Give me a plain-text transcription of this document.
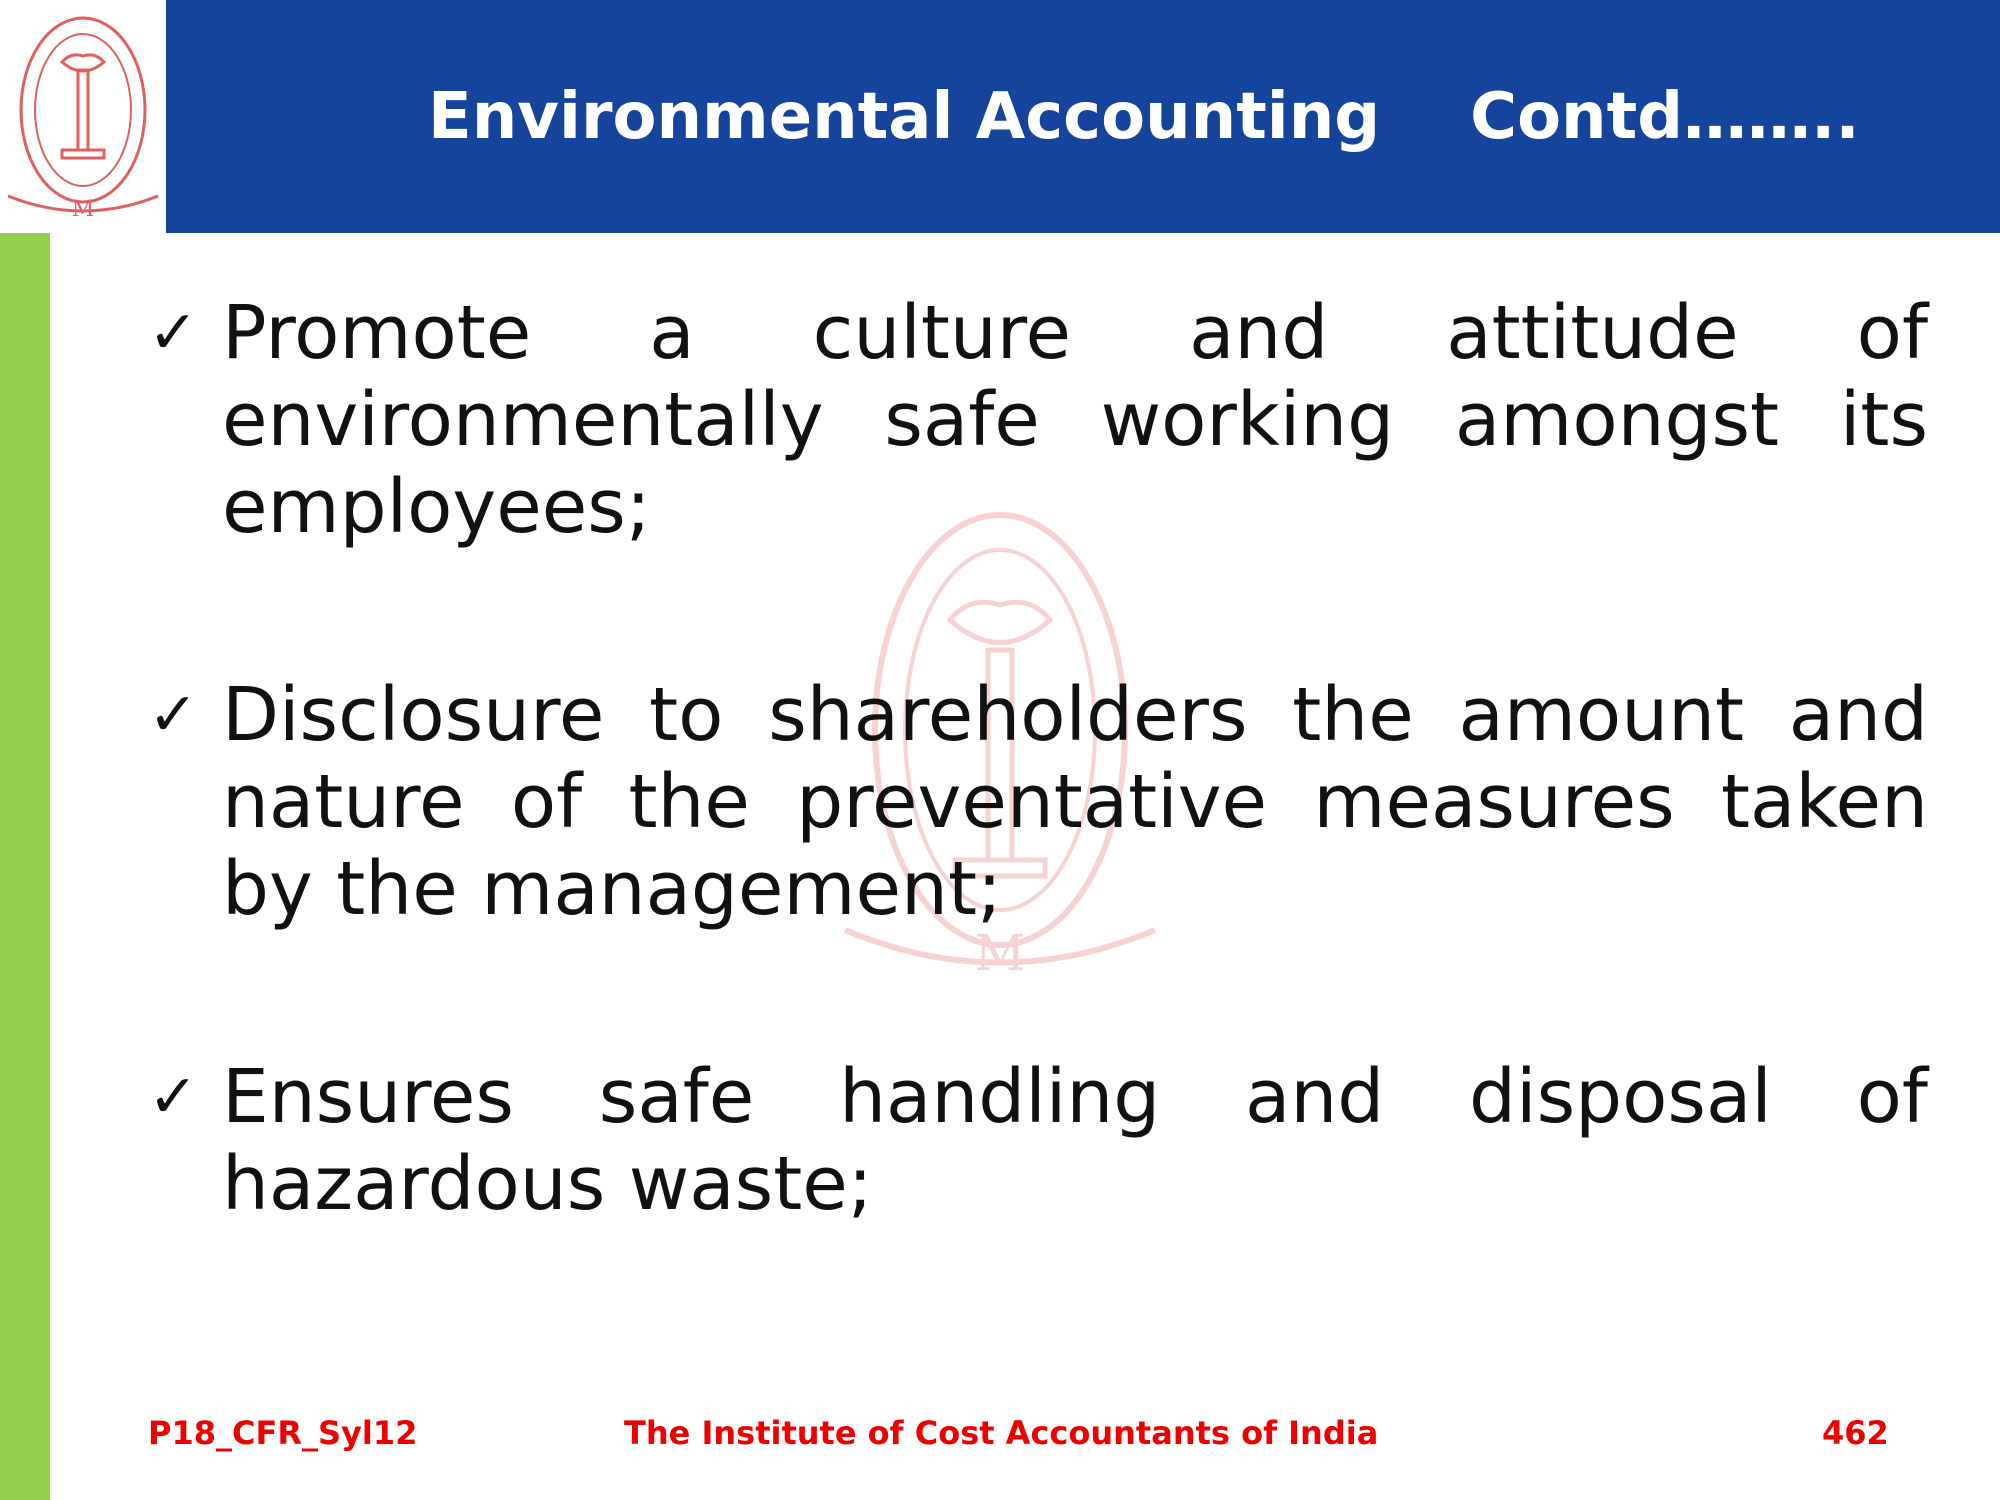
M
Environmental Accounting Contd……..
M
✓ Promote a culture and attitude of environmentally safe working amongst its employees;
✓ Disclosure to shareholders the amount and nature of the preventative measures taken by the management;
✓ Ensures safe handling and disposal of hazardous waste;
P18_CFR_Syl12	The Institute of Cost Accountants of India	462
